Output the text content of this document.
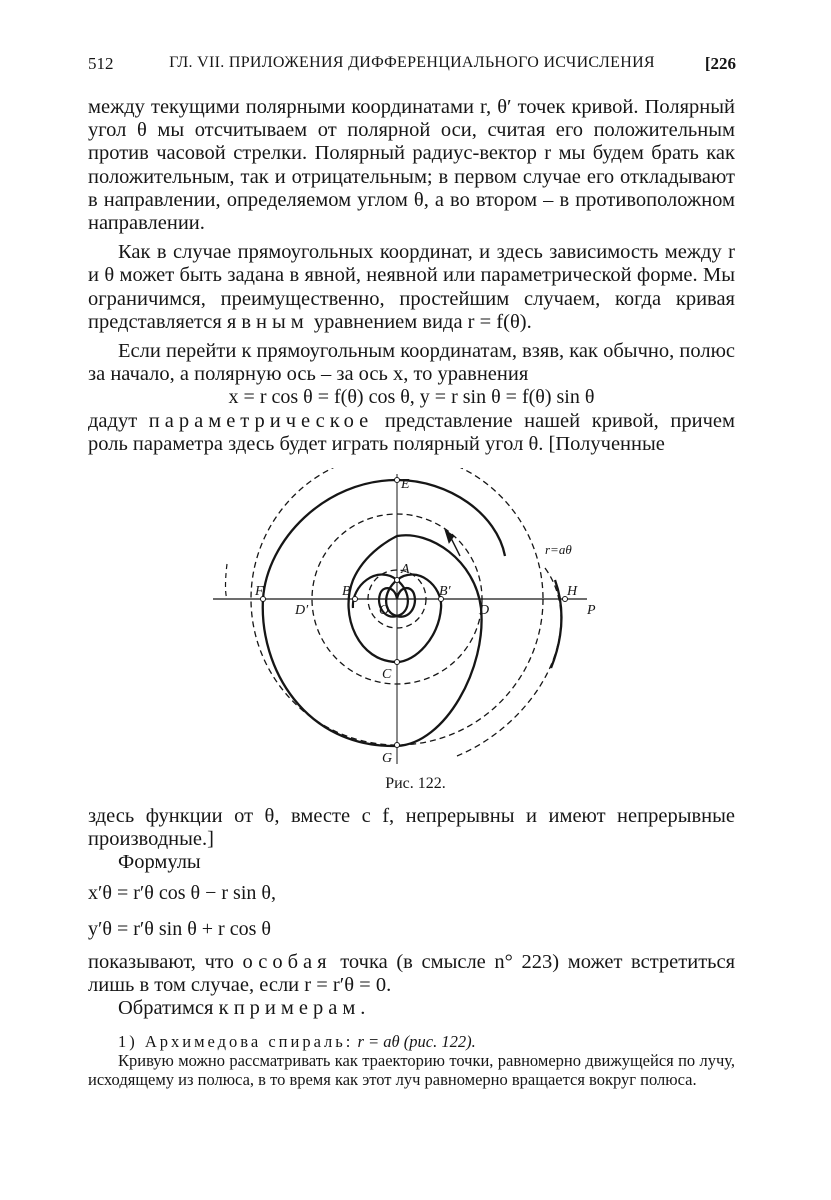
512	ГЛ. VII. ПРИЛОЖЕНИЯ ДИФФЕРЕНЦИАЛЬНОГО ИСЧИСЛЕНИЯ	[226

между текущими полярными координатами r, θ′ точек кривой. Полярный угол θ мы отсчитываем от полярной оси, считая его положительным против часовой стрелки. Полярный радиус-вектор r мы будем брать как положительным, так и отрицательным; в первом случае его откладывают в направлении, определяемом углом θ, а во втором – в противоположном направлении.

Как в случае прямоугольных координат, и здесь зависимость между r и θ может быть задана в явной, неявной или параметрической форме. Мы ограничимся, преимущественно, простейшим случаем, когда кривая представляется явным уравнением вида r = f(θ).

Если перейти к прямоугольным координатам, взяв, как обычно, полюс за начало, а полярную ось – за ось x, то уравнения

x = r cos θ = f(θ) cos θ, y = r sin θ = f(θ) sin θ

дадут параметрическое представление нашей кривой, причем роль параметра здесь будет играть полярный угол θ. [Полученные

E
A
B	B′
O	D
D′
F	H
P
C
G
r=aθ
Рис. 122.

здесь функции от θ, вместе с f, непрерывны и имеют непрерывные производные.]

Формулы

x′θ = r′θ cos θ − r sin θ,

y′θ = r′θ sin θ + r cos θ

показывают, что особая точка (в смысле n° 223) может встретиться лишь в том случае, если r = r′θ = 0.

Обратимся к примерам.

1) Архимедова спираль: r = aθ (рис. 122).

Кривую можно рассматривать как траекторию точки, равномерно движущейся по лучу, исходящему из полюса, в то время как этот луч равномерно вращается вокруг полюса.
